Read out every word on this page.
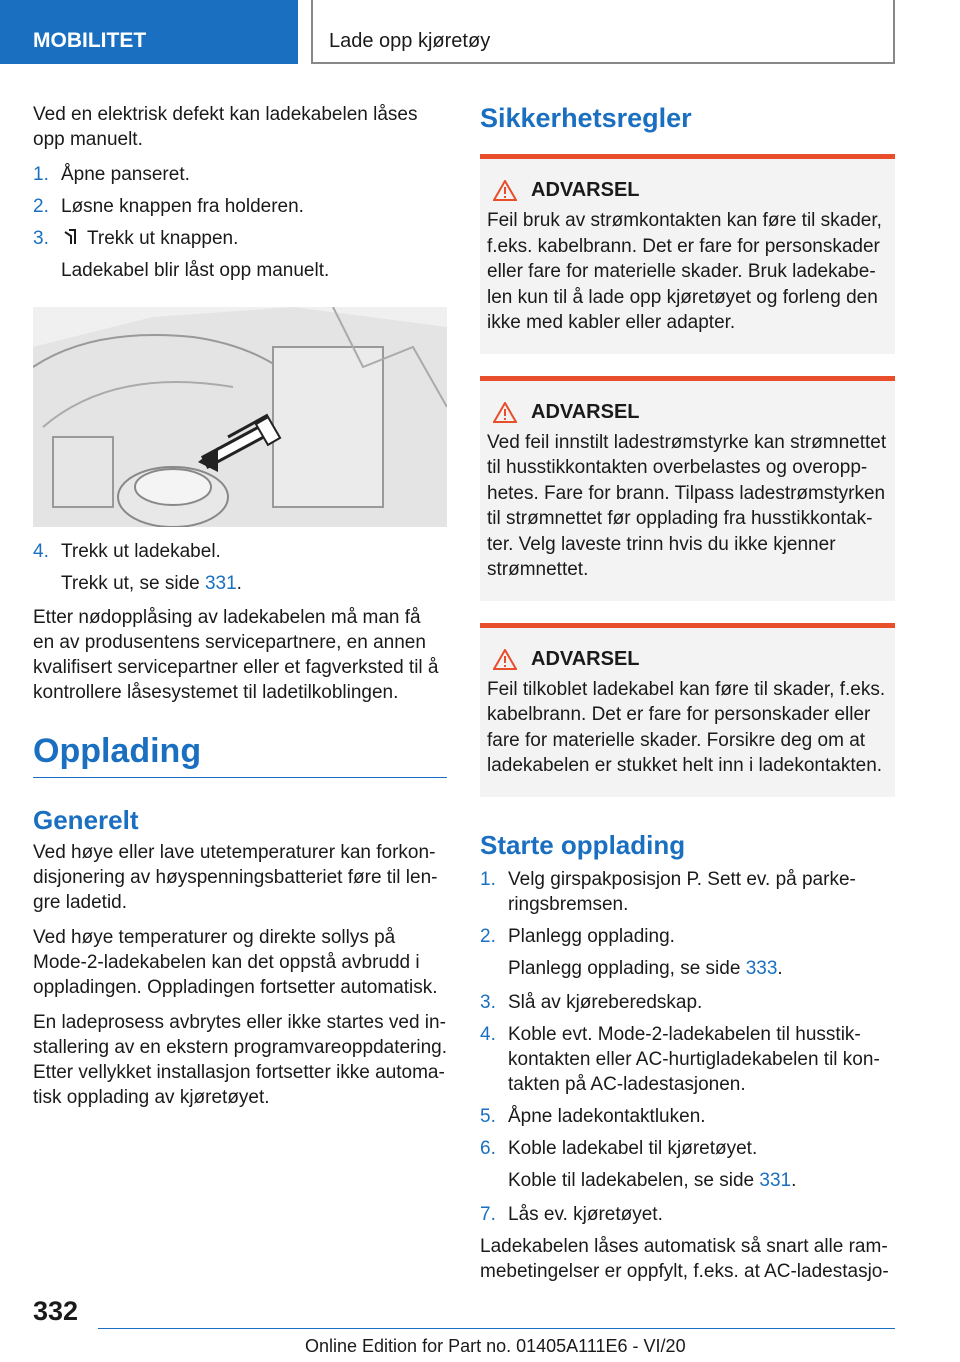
MOBILITET	Lade opp kjøretøy

Ved en elektrisk defekt kan ladekabelen låses opp manuelt.

1. Åpne panseret.
2. Løsne knappen fra holderen.
3.	Trekk ut knappen.
Ladekabel blir låst opp manuelt.
4. Trekk ut ladekabel.
Trekk ut, se side 331.

Etter nødopplåsing av ladekabelen må man få en av produsentens servicepartnere, en annen kvalifisert servicepartner eller et fagverksted til å kontrollere låsesystemet til ladetilkoblingen.

Opplading
Generelt

Ved høye eller lave utetemperaturer kan forkondisjonering av høyspenningsbatteriet føre til lengre ladetid.

Ved høye temperaturer og direkte sollys på Mode-2-ladekabelen kan det oppstå avbrudd i oppladingen. Oppladingen fortsetter automatisk.

En ladeprosess avbrytes eller ikke startes ved installering av en ekstern programvareoppdatering. Etter vellykket installasjon fortsetter ikke automatisk opplading av kjøretøyet.

Sikkerhetsregler
ADVARSEL

Feil bruk av strømkontakten kan føre til skader, f.eks. kabelbrann. Det er fare for personskader eller fare for materielle skader. Bruk ladekabelen kun til å lade opp kjøretøyet og forleng den ikke med kabler eller adapter.

ADVARSEL

Ved feil innstilt ladestrømstyrke kan strømnettet til husstikkontakten overbelastes og overopphetes. Fare for brann. Tilpass ladestrømstyrken til strømnettet før opplading fra husstikkontakter. Velg laveste trinn hvis du ikke kjenner strømnettet.

ADVARSEL

Feil tilkoblet ladekabel kan føre til skader, f.eks. kabelbrann. Det er fare for personskader eller fare for materielle skader. Forsikre deg om at ladekabelen er stukket helt inn i ladekontakten.

Starte opplading
1. Velg girspakposisjon P. Sett ev. på parkeringsbremsen.
2. Planlegg opplading.
Planlegg opplading, se side 333.
3. Slå av kjøreberedskap.
4. Koble evt. Mode-2-ladekabelen til husstikkontakten eller AC-hurtigladekabelen til kontakten på AC-ladestasjonen.
5. Åpne ladekontaktluken.
6. Koble ladekabel til kjøretøyet.
Koble til ladekabelen, se side 331.
7. Lås ev. kjøretøyet.

Ladekabelen låses automatisk så snart alle rammebetingelser er oppfylt, f.eks. at AC-ladestasjo-

332
Online Edition for Part no. 01405A111E6 - VI/20
